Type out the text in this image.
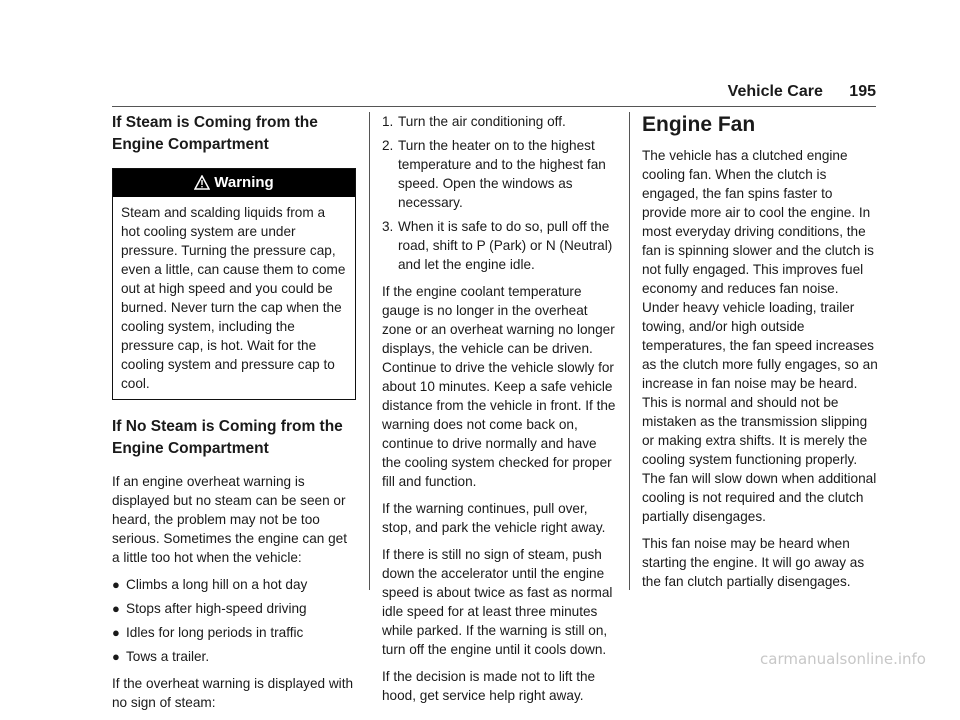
Vehicle Care 195
If Steam is Coming from the Engine Compartment
Warning
Steam and scalding liquids from a hot cooling system are under pressure. Turning the pressure cap, even a little, can cause them to come out at high speed and you could be burned. Never turn the cap when the cooling system, including the pressure cap, is hot. Wait for the cooling system and pressure cap to cool.
If No Steam is Coming from the Engine Compartment

If an engine overheat warning is displayed but no steam can be seen or heard, the problem may not be too serious. Sometimes the engine can get a little too hot when the vehicle:

● Climbs a long hill on a hot day
● Stops after high-speed driving
● Idles for long periods in traffic
● Tows a trailer.

If the overheat warning is displayed with no sign of steam:

1. Turn the air conditioning off.
2. Turn the heater on to the highest temperature and to the highest fan speed. Open the windows as necessary.
3. When it is safe to do so, pull off the road, shift to P (Park) or N (Neutral) and let the engine idle.

If the engine coolant temperature gauge is no longer in the overheat zone or an overheat warning no longer displays, the vehicle can be driven. Continue to drive the vehicle slowly for about 10 minutes. Keep a safe vehicle distance from the vehicle in front. If the warning does not come back on, continue to drive normally and have the cooling system checked for proper fill and function.

If the warning continues, pull over, stop, and park the vehicle right away.

If there is still no sign of steam, push down the accelerator until the engine speed is about twice as fast as normal idle speed for at least three minutes while parked. If the warning is still on, turn off the engine until it cools down.

If the decision is made not to lift the hood, get service help right away.

Engine Fan

The vehicle has a clutched engine cooling fan. When the clutch is engaged, the fan spins faster to provide more air to cool the engine. In most everyday driving conditions, the fan is spinning slower and the clutch is not fully engaged. This improves fuel economy and reduces fan noise. Under heavy vehicle loading, trailer towing, and/or high outside temperatures, the fan speed increases as the clutch more fully engages, so an increase in fan noise may be heard. This is normal and should not be mistaken as the transmission slipping or making extra shifts. It is merely the cooling system functioning properly. The fan will slow down when additional cooling is not required and the clutch partially disengages.

This fan noise may be heard when starting the engine. It will go away as the fan clutch partially disengages.

carmanualsonline.info
